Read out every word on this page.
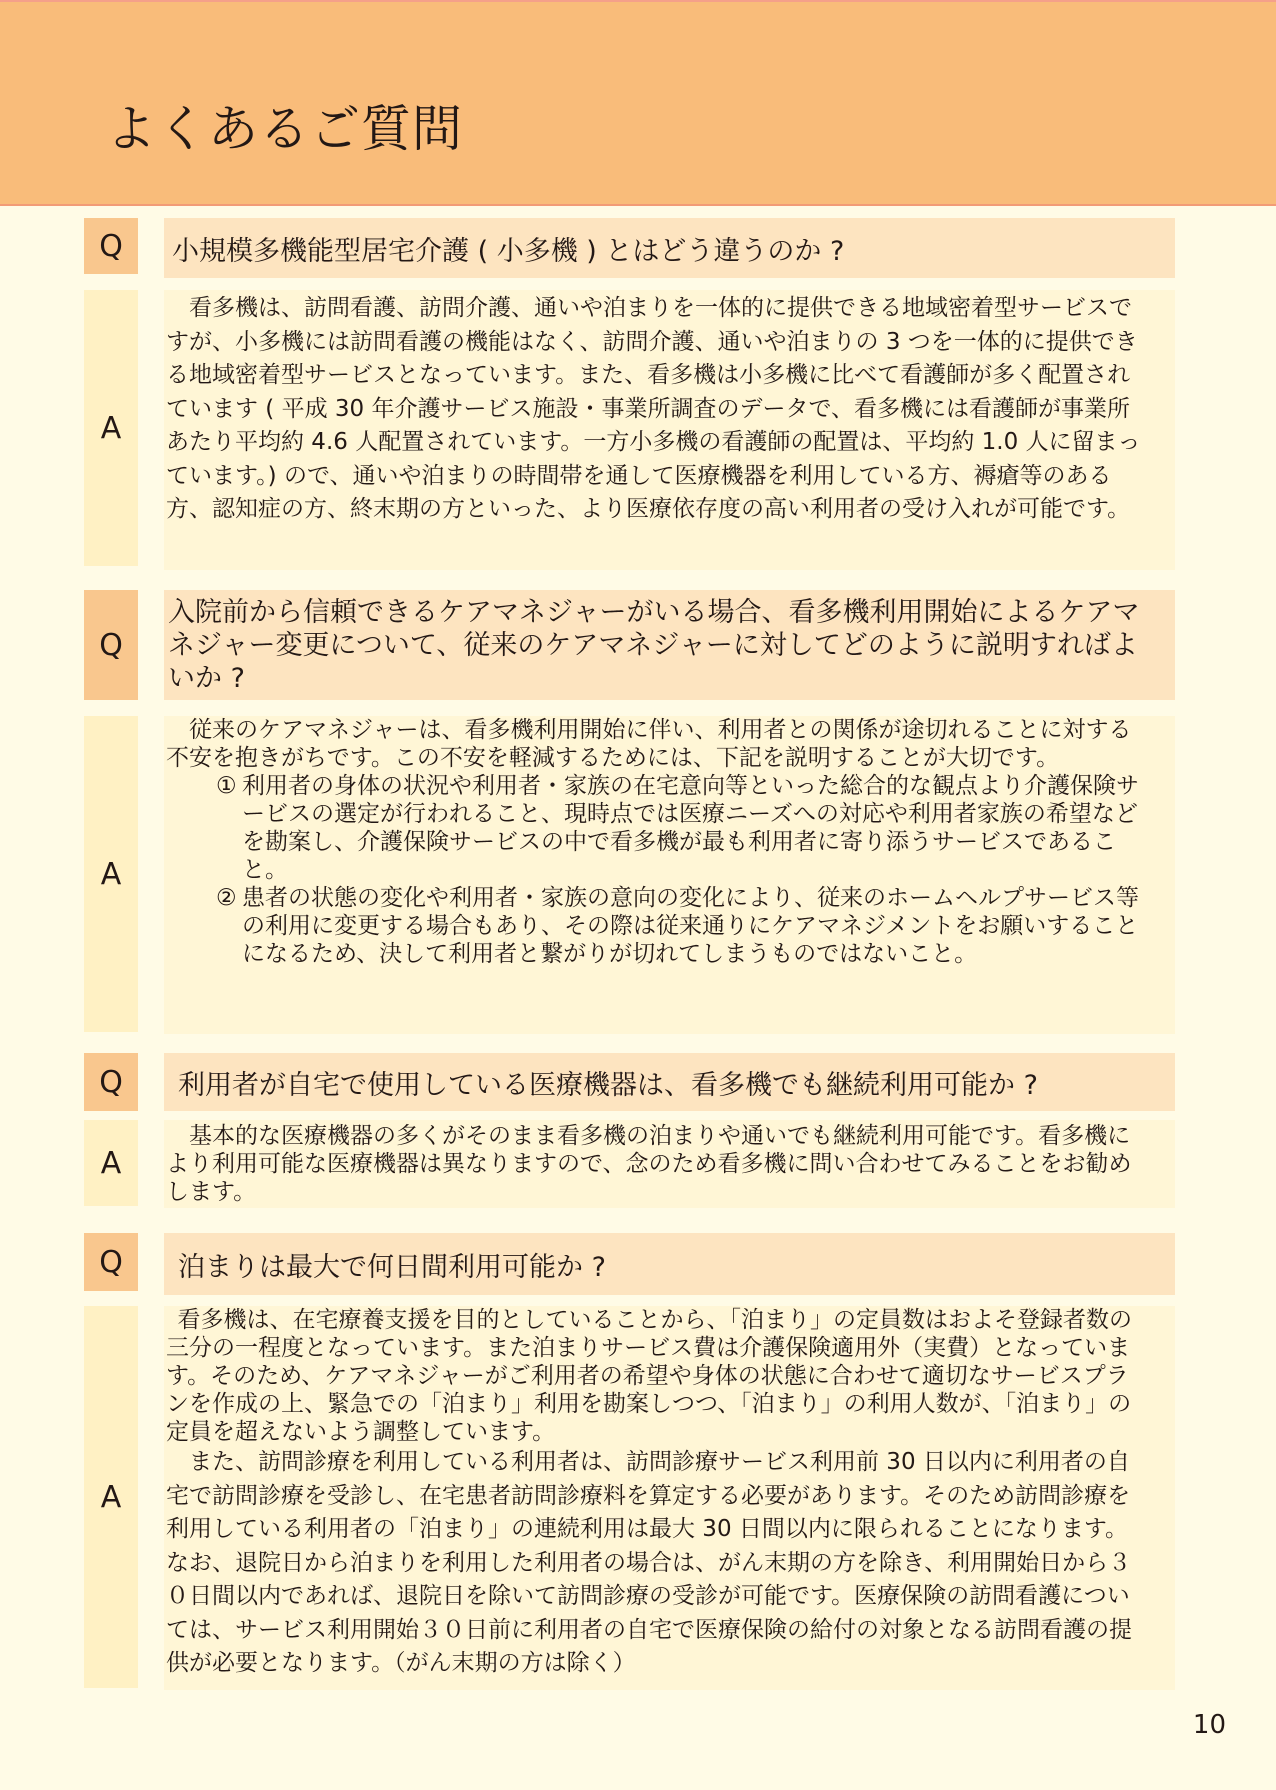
よくあるご質問
Q	小規模多機能型居宅介護 ( 小多機 ) とはどう違うのか ?
A

看多機は、訪問看護、訪問介護、通いや泊まりを一体的に提供できる地域密着型サービスですが、小多機には訪問看護の機能はなく、訪問介護、通いや泊まりの 3 つを一体的に提供できる地域密着型サービスとなっています。また、看多機は小多機に比べて看護師が多く配置されています ( 平成 30 年介護サービス施設・事業所調査のデータで、看多機には看護師が事業所あたり平均約 4.6 人配置されています。一方小多機の看護師の配置は、平均約 1.0 人に留まっています。) ので、通いや泊まりの時間帯を通して医療機器を利用している方、褥瘡等のある方、認知症の方、終末期の方といった、より医療依存度の高い利用者の受け入れが可能です。

Q
入院前から信頼できるケアマネジャーがいる場合、看多機利用開始によるケアマネジャー変更について、従来のケアマネジャーに対してどのように説明すればよいか ?
A

従来のケアマネジャーは、看多機利用開始に伴い、利用者との関係が途切れることに対する不安を抱きがちです。この不安を軽減するためには、下記を説明することが大切です。

① 利用者の身体の状況や利用者・家族の在宅意向等といった総合的な観点より介護保険サービスの選定が行われること、現時点では医療ニーズへの対応や利用者家族の希望などを勘案し、介護保険サービスの中で看多機が最も利用者に寄り添うサービスであること。
② 患者の状態の変化や利用者・家族の意向の変化により、従来のホームヘルプサービス等の利用に変更する場合もあり、その際は従来通りにケアマネジメントをお願いすることになるため、決して利用者と繋がりが切れてしまうものではないこと。
Q	利用者が自宅で使用している医療機器は、看多機でも継続利用可能か ?
A

基本的な医療機器の多くがそのまま看多機の泊まりや通いでも継続利用可能です。看多機により利用可能な医療機器は異なりますので、念のため看多機に問い合わせてみることをお勧めします。

Q	泊まりは最大で何日間利用可能か ?
A

看多機は、在宅療養支援を目的としていることから、「泊まり」の定員数はおよそ登録者数の三分の一程度となっています。また泊まりサービス費は介護保険適用外（実費）となっています。そのため、ケアマネジャーがご利用者の希望や身体の状態に合わせて適切なサービスプランを作成の上、緊急での「泊まり」利用を勘案しつつ、「泊まり」の利用人数が、「泊まり」の定員を超えないよう調整しています。

また、訪問診療を利用している利用者は、訪問診療サービス利用前 30 日以内に利用者の自宅で訪問診療を受診し、在宅患者訪問診療料を算定する必要があります。そのため訪問診療を利用している利用者の「泊まり」の連続利用は最大 30 日間以内に限られることになります。なお、退院日から泊まりを利用した利用者の場合は、がん末期の方を除き、利用開始日から３０日間以内であれば、退院日を除いて訪問診療の受診が可能です。医療保険の訪問看護については、サービス利用開始３０日前に利用者の自宅で医療保険の給付の対象となる訪問看護の提供が必要となります。（がん末期の方は除く）

10
